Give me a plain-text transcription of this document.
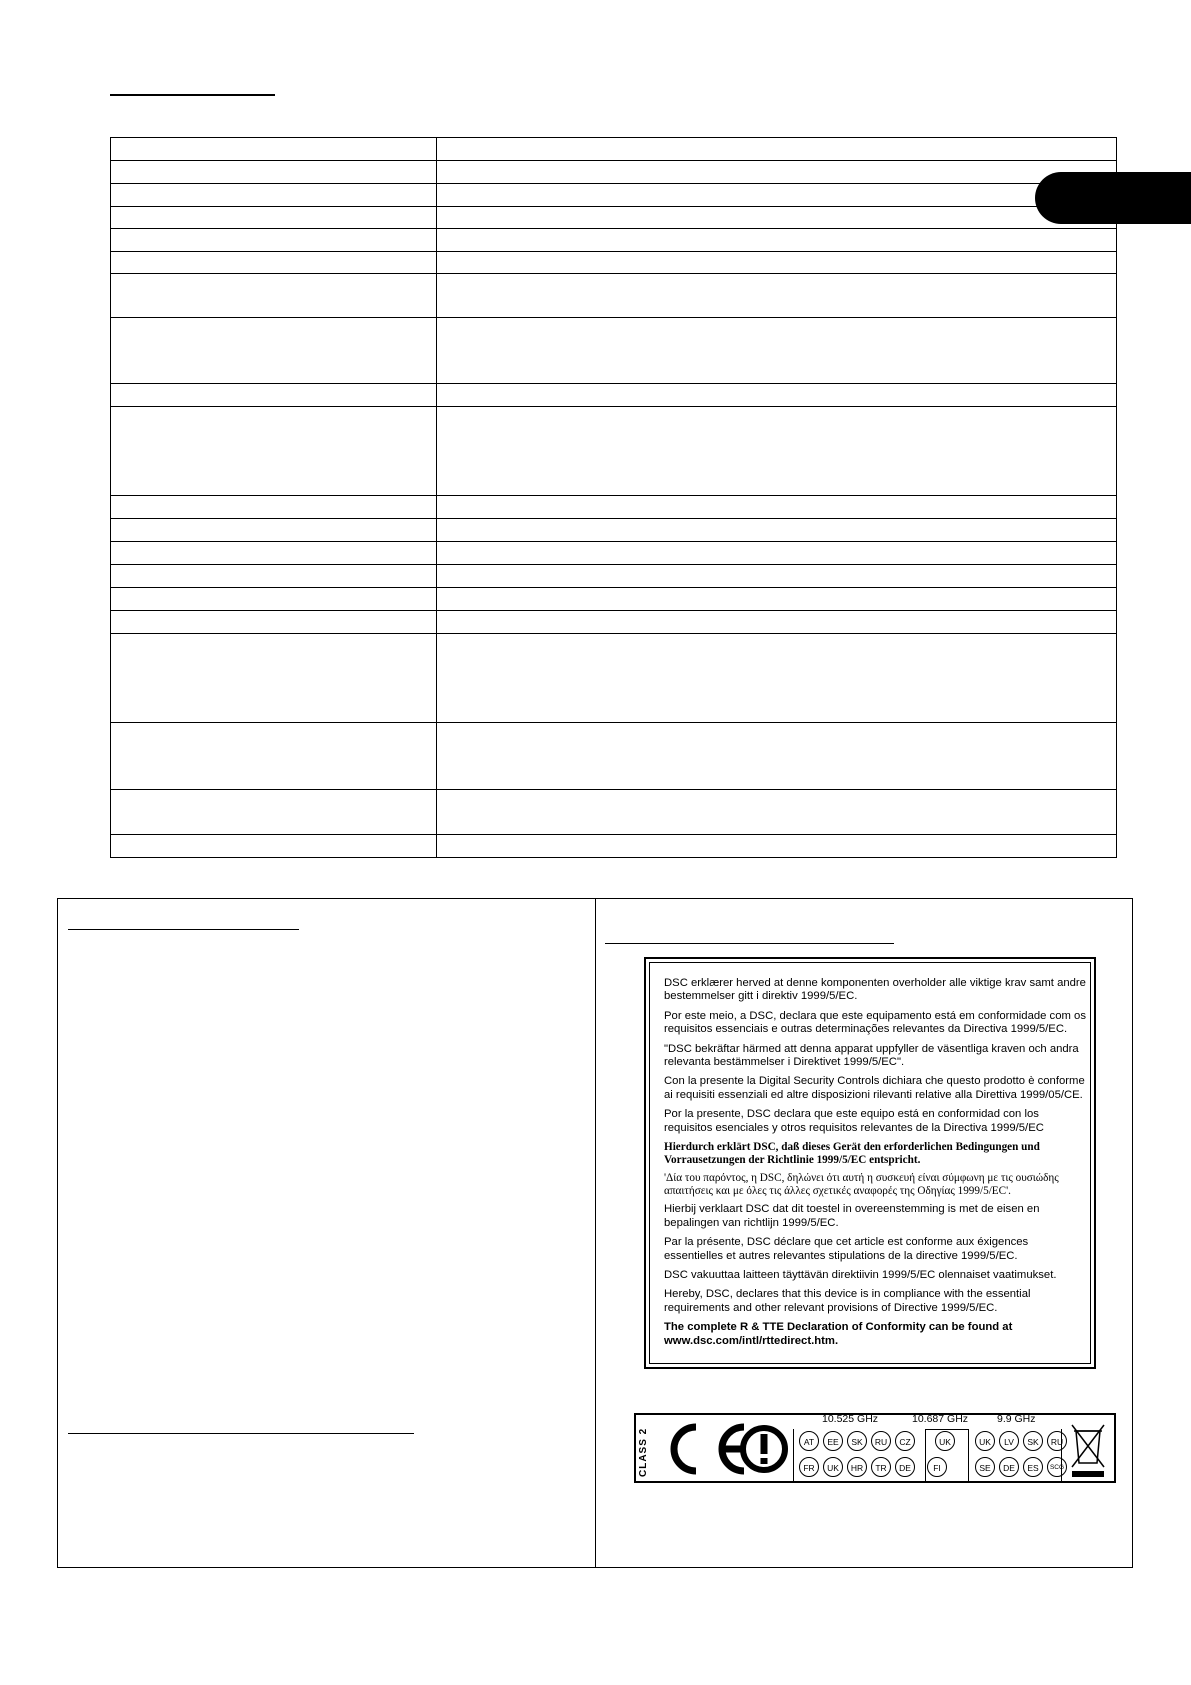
DSC erklærer herved at denne komponenten overholder alle viktige krav samt andre bestemmelser gitt i direktiv 1999/5/EC.

Por este meio, a DSC, declara que este equipamento está em conformidade com os requisitos essenciais e outras determinações relevantes da Directiva 1999/5/EC.

"DSC bekräftar härmed att denna apparat uppfyller de väsentliga kraven och andra relevanta bestämmelser i Direktivet 1999/5/EC".

Con la presente la Digital Security Controls dichiara che questo prodotto è conforme ai requisiti essenziali ed altre disposizioni rilevanti relative alla Direttiva 1999/05/CE.

Por la presente, DSC declara que este equipo está en conformidad con los requisitos esenciales y otros requisitos relevantes de la Directiva 1999/5/EC

Hierdurch erklärt DSC, daß dieses Gerät den erforderlichen Bedingungen und Vorrausetzungen der Richtlinie 1999/5/EC entspricht.

'Δία του παρόντος, η DSC, δηλώνει ότι αυτή η συσκευή είναι σύμφωνη με τις ουσιώδης απαιτήσεις και με όλες τις άλλες σχετικές αναφορές της Οδηγίας 1999/5/EC'.

Hierbij verklaart DSC dat dit toestel in overeenstemming is met de eisen en bepalingen van richtlijn 1999/5/EC.

Par la présente, DSC déclare que cet article est conforme aux éxigences essentielles et autres relevantes stipulations de la directive 1999/5/EC.

DSC vakuuttaa laitteen täyttävän direktiivin 1999/5/EC olennaiset vaatimukset.

Hereby, DSC, declares that this device is in compliance with the essential requirements and other relevant provisions of Directive 1999/5/EC.

The complete R & TTE Declaration of Conformity can be found at www.dsc.com/intl/rttedirect.htm.

CLASS 2
10.525 GHz	10.687 GHz	9.9 GHz
AT	EE	SK	RU	CZ
FR	UK	HR	TR	DE
UK
FI
UK	LV	SK	RU
SE	DE	ES	SCG
